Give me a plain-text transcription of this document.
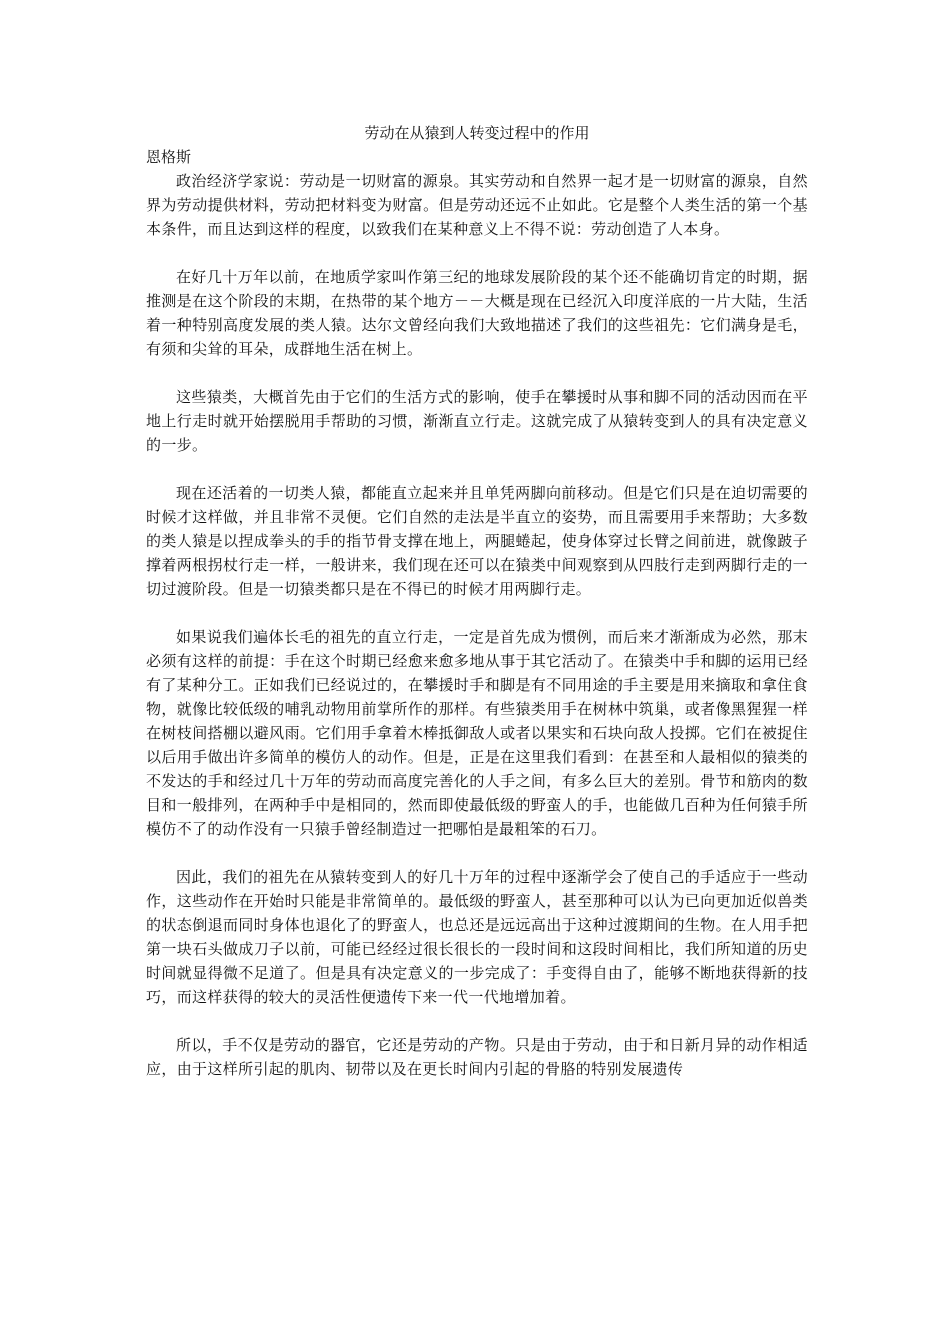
劳动在从猿到人转变过程中的作用
恩格斯

政治经济学家说：劳动是一切财富的源泉。其实劳动和自然界一起才是一切财富的源泉，自然界为劳动提供材料，劳动把材料变为财富。但是劳动还远不止如此。它是整个人类生活的第一个基本条件，而且达到这样的程度，以致我们在某种意义上不得不说：劳动创造了人本身。

在好几十万年以前，在地质学家叫作第三纪的地球发展阶段的某个还不能确切肯定的时期，据推测是在这个阶段的末期，在热带的某个地方－－大概是现在已经沉入印度洋底的一片大陆，生活着一种特别高度发展的类人猿。达尔文曾经向我们大致地描述了我们的这些祖先：它们满身是毛，有须和尖耸的耳朵，成群地生活在树上。

这些猿类，大概首先由于它们的生活方式的影响，使手在攀援时从事和脚不同的活动因而在平地上行走时就开始摆脱用手帮助的习惯，渐渐直立行走。这就完成了从猿转变到人的具有决定意义的一步。

现在还活着的一切类人猿，都能直立起来并且单凭两脚向前移动。但是它们只是在迫切需要的时候才这样做，并且非常不灵便。它们自然的走法是半直立的姿势，而且需要用手来帮助；大多数的类人猿是以捏成拳头的手的指节骨支撑在地上，两腿蜷起，使身体穿过长臂之间前进，就像跛子撑着两根拐杖行走一样，一般讲来，我们现在还可以在猿类中间观察到从四肢行走到两脚行走的一切过渡阶段。但是一切猿类都只是在不得已的时候才用两脚行走。

如果说我们遍体长毛的祖先的直立行走，一定是首先成为惯例，而后来才渐渐成为必然，那末必须有这样的前提：手在这个时期已经愈来愈多地从事于其它活动了。在猿类中手和脚的运用已经有了某种分工。正如我们已经说过的，在攀援时手和脚是有不同用途的手主要是用来摘取和拿住食物，就像比较低级的哺乳动物用前掌所作的那样。有些猿类用手在树林中筑巢，或者像黑猩猩一样在树枝间搭棚以避风雨。它们用手拿着木棒抵御敌人或者以果实和石块向敌人投掷。它们在被捉住以后用手做出许多简单的模仿人的动作。但是，正是在这里我们看到：在甚至和人最相似的猿类的不发达的手和经过几十万年的劳动而高度完善化的人手之间，有多么巨大的差别。骨节和筋肉的数目和一般排列，在两种手中是相同的，然而即使最低级的野蛮人的手，也能做几百种为任何猿手所模仿不了的动作没有一只猿手曾经制造过一把哪怕是最粗笨的石刀。

因此，我们的祖先在从猿转变到人的好几十万年的过程中逐渐学会了使自己的手适应于一些动作，这些动作在开始时只能是非常简单的。最低级的野蛮人，甚至那种可以认为已向更加近似兽类的状态倒退而同时身体也退化了的野蛮人，也总还是远远高出于这种过渡期间的生物。在人用手把第一块石头做成刀子以前，可能已经经过很长很长的一段时间和这段时间相比，我们所知道的历史时间就显得微不足道了。但是具有决定意义的一步完成了：手变得自由了，能够不断地获得新的技巧，而这样获得的较大的灵活性便遗传下来一代一代地增加着。

所以，手不仅是劳动的器官，它还是劳动的产物。只是由于劳动，由于和日新月异的动作相适应，由于这样所引起的肌肉、韧带以及在更长时间内引起的骨胳的特别发展遗传
